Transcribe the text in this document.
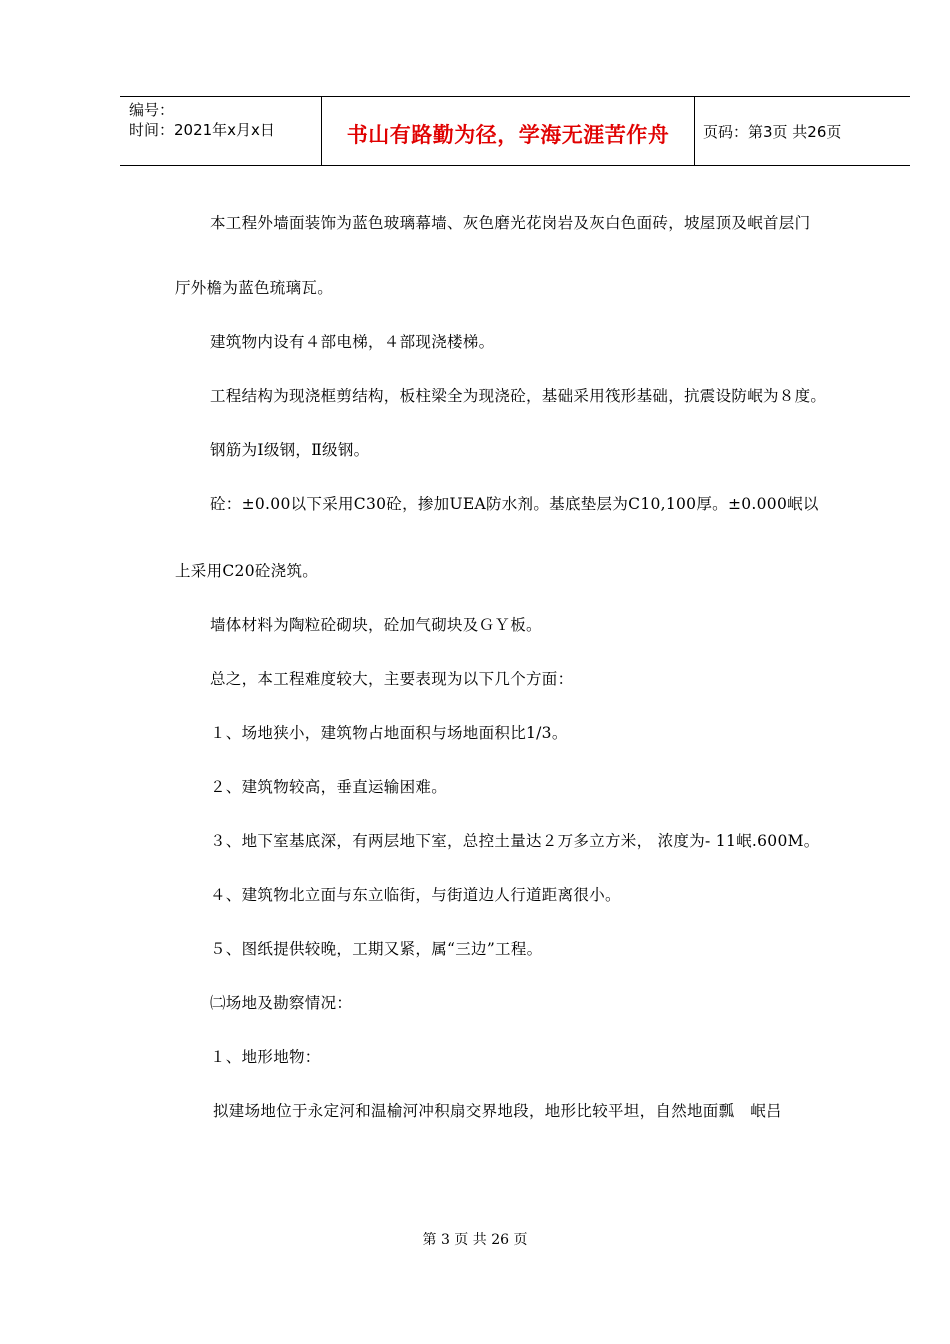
编号：
时间：2021年x月x日	书山有路勤为径，学海无涯苦作舟	页码：第3页 共26页
本工程外墙面装饰为蓝色玻璃幕墙、灰色磨光花岗岩及灰白色面砖，坡屋顶及岷首层门
厅外檐为蓝色琉璃瓦。
建筑物内设有４部电梯，４部现浇楼梯。
工程结构为现浇框剪结构，板柱梁全为现浇砼，基础采用筏形基础，抗震设防岷为８度。
钢筋为Ⅰ级钢，Ⅱ级钢。
砼：±0.00以下采用C30砼，掺加UEA防水剂。基底垫层为C10,100厚。±0.000岷以
上采用C20砼浇筑。
墙体材料为陶粒砼砌块，砼加气砌块及ＧＹ板。
总之，本工程难度较大，主要表现为以下几个方面：
１、场地狭小，建筑物占地面积与场地面积比1/3。
２、建筑物较高，垂直运输困难。
３、地下室基底深，有两层地下室，总控土量达２万多立方米， 浓度为- 11岷.600M。
４、建筑物北立面与东立临街，与街道边人行道距离很小。
５、图纸提供较晚，工期又紧，属“三边”工程。
㈡场地及勘察情况：
１、地形地物：
拟建场地位于永定河和温榆河冲积扇交界地段，地形比较平坦，自然地面瓢　岷吕
第 3 页 共 26 页
